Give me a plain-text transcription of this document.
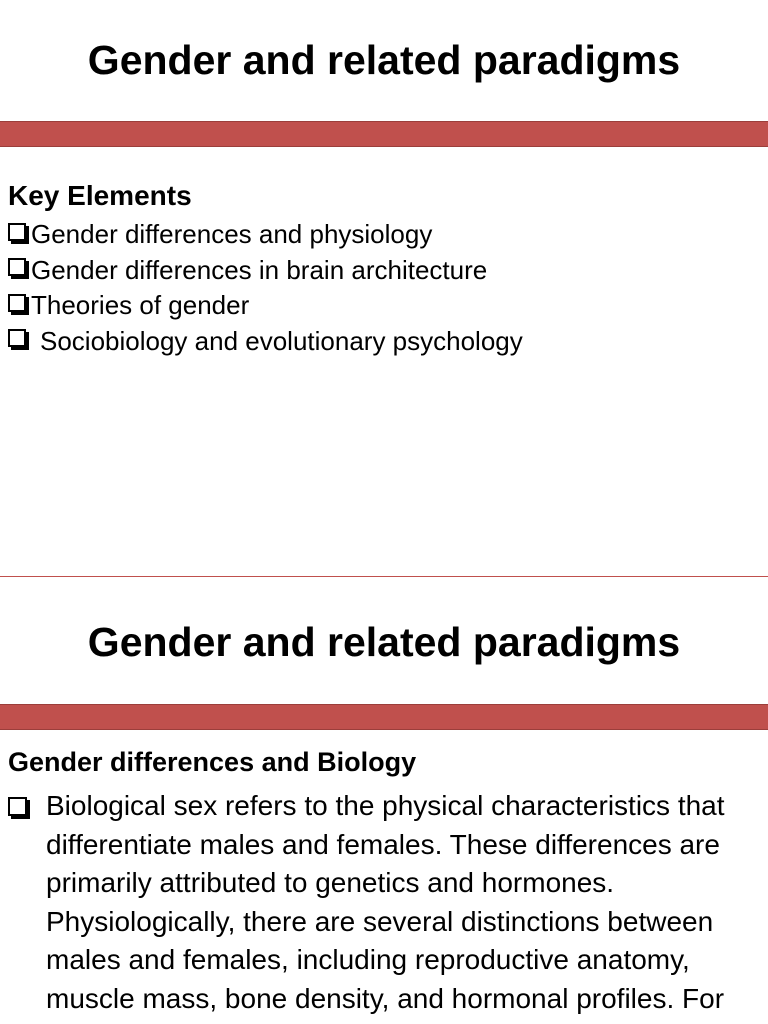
Gender and related paradigms
Key Elements
Gender differences and physiology
Gender differences in brain architecture
Theories of gender
Sociobiology and evolutionary psychology
Gender and related paradigms
Gender differences and Biology
Biological sex refers to the physical characteristics that
differentiate males and females. These differences are
primarily attributed to genetics and hormones.
Physiologically, there are several distinctions between
males and females, including reproductive anatomy,
muscle mass, bone density, and hormonal profiles. For
